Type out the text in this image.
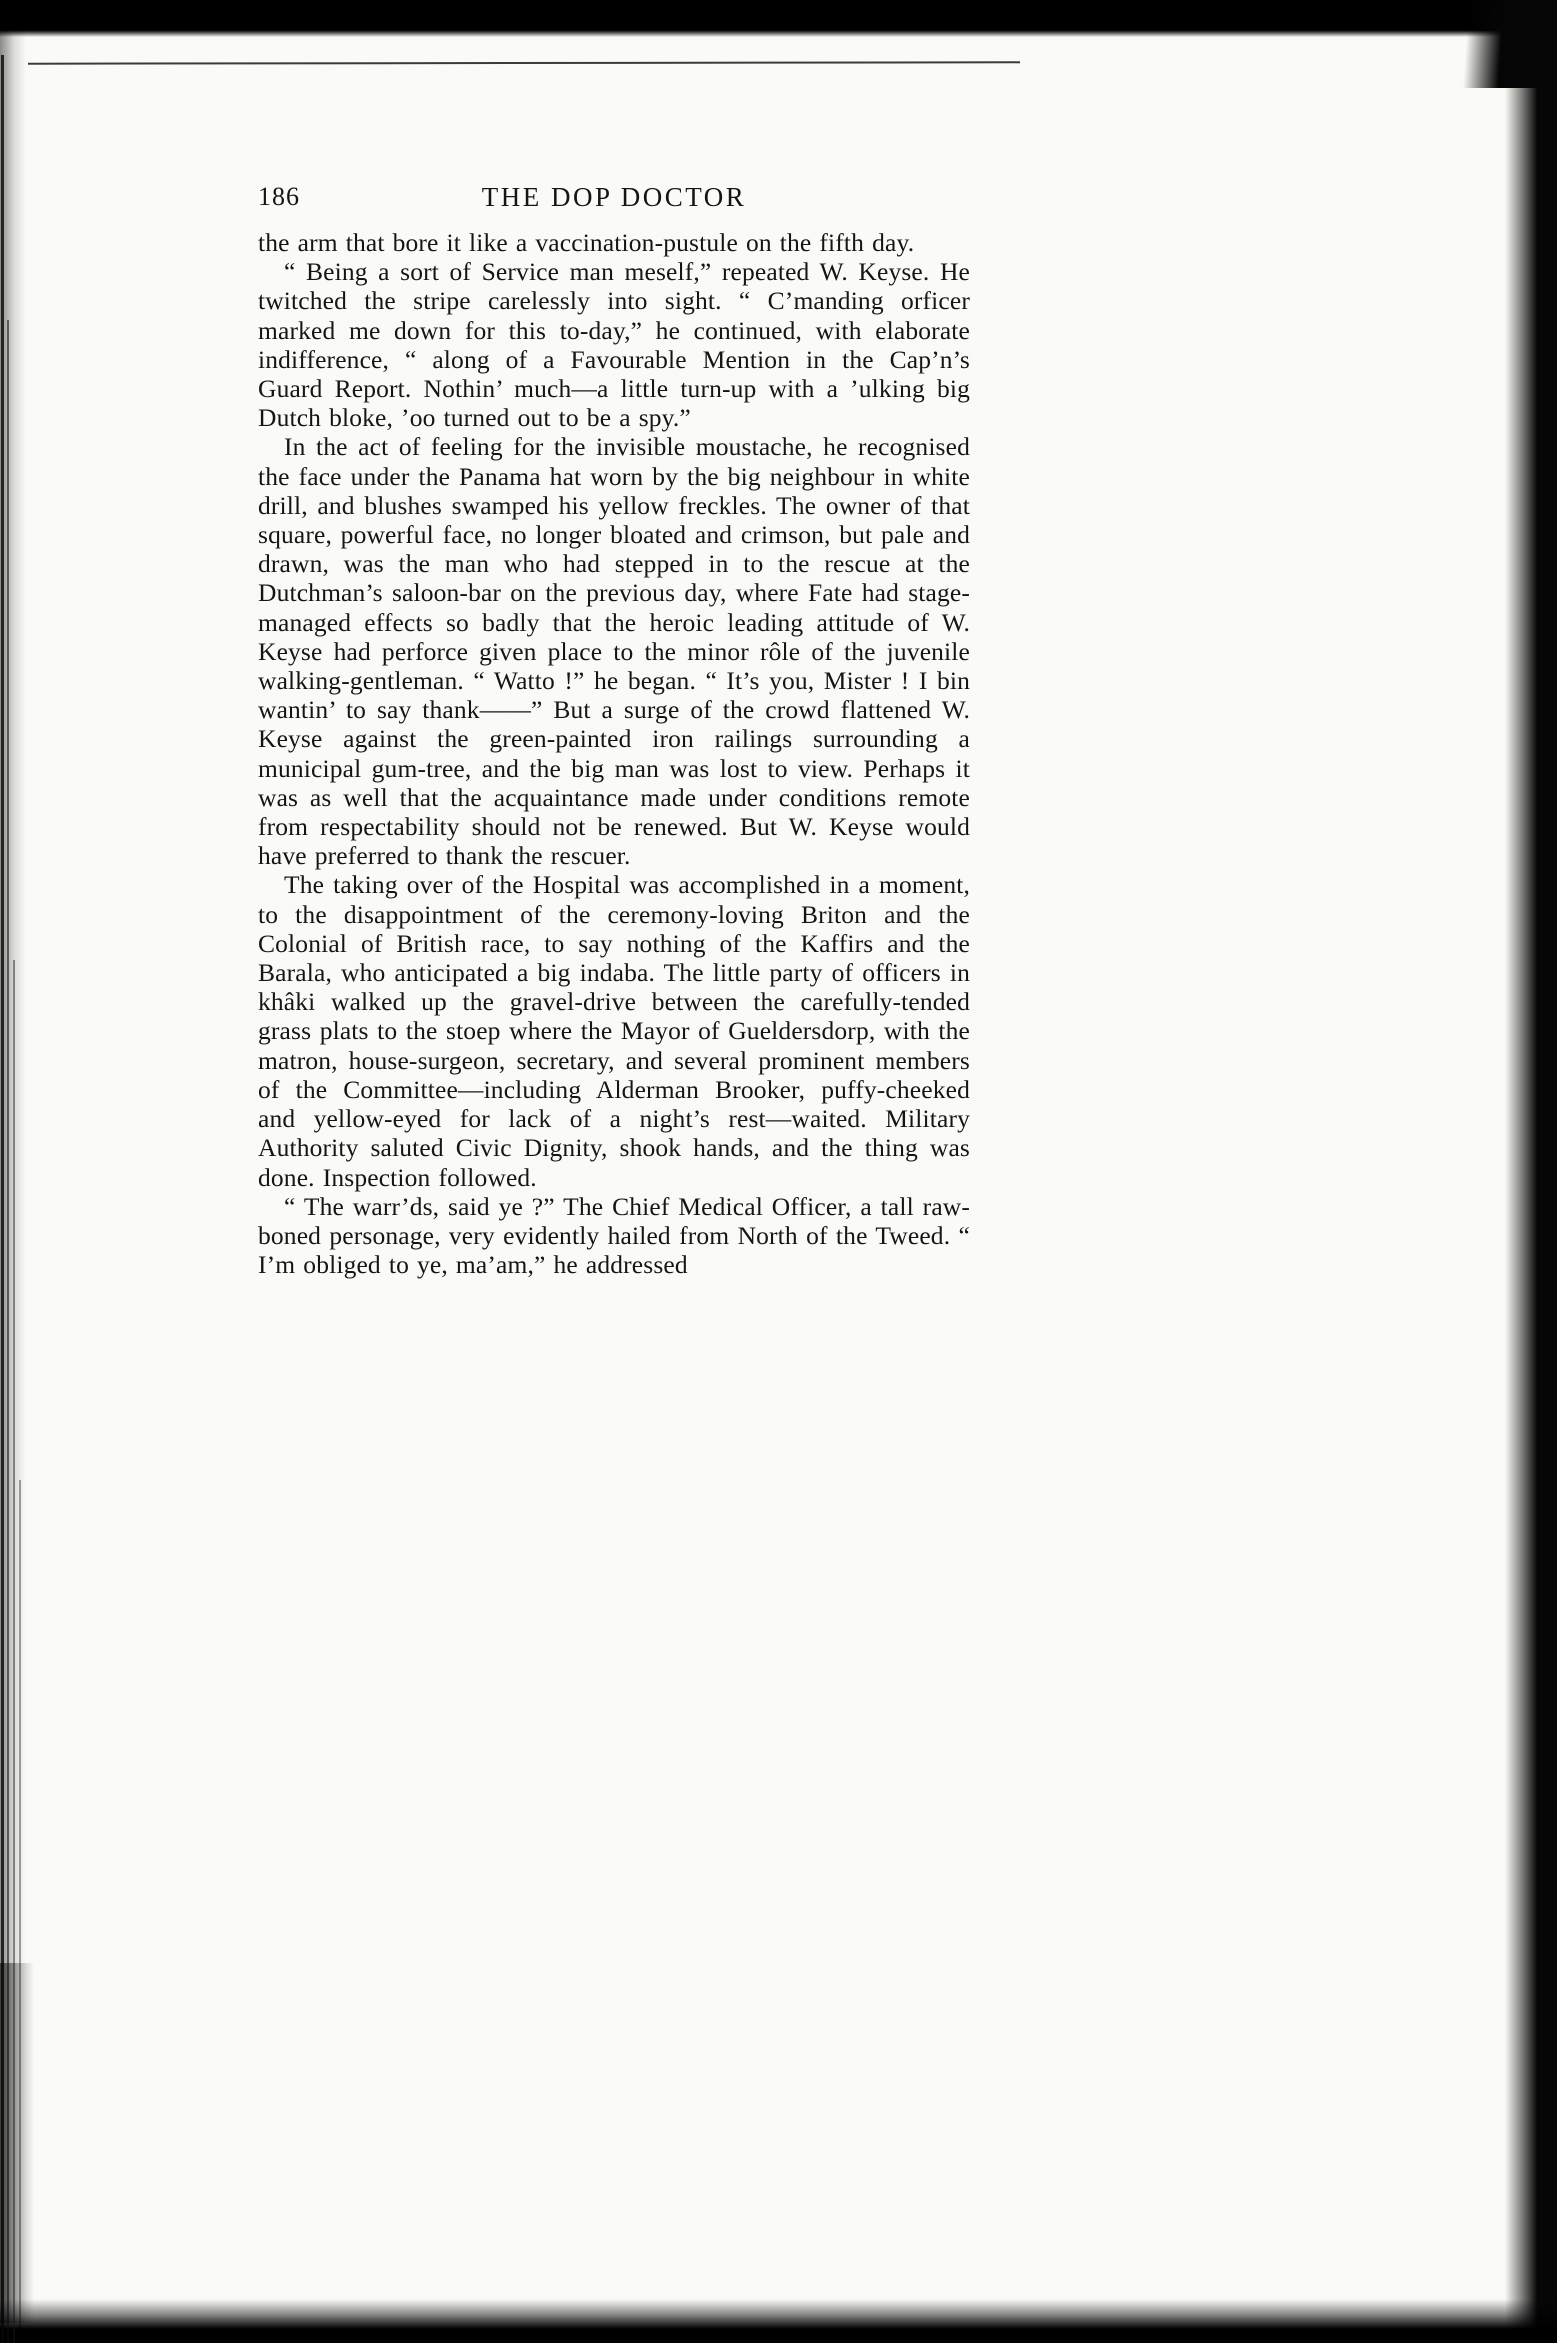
186	THE DOP DOCTOR

the arm that bore it like a vaccination-pustule on the fifth day.

“ Being a sort of Service man meself,” repeated W. Keyse. He twitched the stripe carelessly into sight. “ C’manding orficer marked me down for this to-day,” he continued, with elaborate indifference, “ along of a Favourable Mention in the Cap’n’s Guard Report. Nothin’ much—a little turn-up with a ’ulking big Dutch bloke, ’oo turned out to be a spy.”

In the act of feeling for the invisible moustache, he recognised the face under the Panama hat worn by the big neighbour in white drill, and blushes swamped his yellow freckles. The owner of that square, powerful face, no longer bloated and crimson, but pale and drawn, was the man who had stepped in to the rescue at the Dutchman’s saloon-bar on the previous day, where Fate had stage-managed effects so badly that the heroic leading attitude of W. Keyse had perforce given place to the minor rôle of the juvenile walking-gentleman. “ Watto !” he began. “ It’s you, Mister ! I bin wantin’ to say thank——” But a surge of the crowd flattened W. Keyse against the green-painted iron railings surrounding a municipal gum-tree, and the big man was lost to view. Perhaps it was as well that the acquaintance made under conditions remote from respectability should not be renewed. But W. Keyse would have preferred to thank the rescuer.

The taking over of the Hospital was accomplished in a moment, to the disappointment of the ceremony-loving Briton and the Colonial of British race, to say nothing of the Kaffirs and the Barala, who anticipated a big indaba. The little party of officers in khâki walked up the gravel-drive between the carefully-tended grass plats to the stoep where the Mayor of Gueldersdorp, with the matron, house-surgeon, secretary, and several prominent members of the Committee—including Alderman Brooker, puffy-cheeked and yellow-eyed for lack of a night’s rest—waited. Military Authority saluted Civic Dignity, shook hands, and the thing was done. Inspection followed.

“ The warr’ds, said ye ?” The Chief Medical Officer, a tall raw-boned personage, very evidently hailed from North of the Tweed. “ I’m obliged to ye, ma’am,” he addressed
